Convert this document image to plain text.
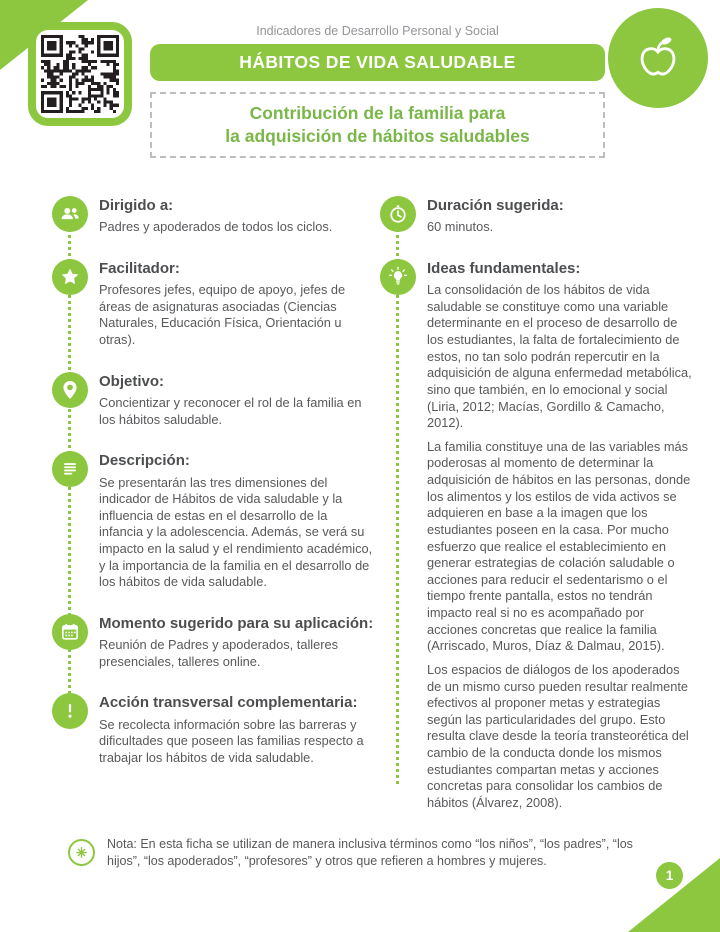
Indicadores de Desarrollo Personal y Social
HÁBITOS DE VIDA SALUDABLE
Contribución de la familia para
la adquisición de hábitos saludables
Dirigido a:
Padres y apoderados de todos los ciclos.
Facilitador:
Profesores jefes, equipo de apoyo, jefes de áreas de asignaturas asociadas (Ciencias Naturales, Educación Física, Orientación u otras).
Objetivo:
Concientizar y reconocer el rol de la familia en los hábitos saludable.
Descripción:
Se presentarán las tres dimensiones del indicador de Hábitos de vida saludable y la influencia de estas en el desarrollo de la infancia y la adolescencia. Además, se verá su impacto en la salud y el rendimiento académico, y la importancia de la familia en el desarrollo de los hábitos de vida saludable.
Momento sugerido para su aplicación:
Reunión de Padres y apoderados, talleres presenciales, talleres online.
Acción transversal complementaria:
Se recolecta información sobre las barreras y dificultades que poseen las familias respecto a trabajar los hábitos de vida saludable.
Duración sugerida:
60 minutos.
Ideas fundamentales:
La consolidación de los hábitos de vida saludable se constituye como una variable determinante en el proceso de desarrollo de los estudiantes, la falta de fortalecimiento de estos, no tan solo podrán repercutir en la adquisición de alguna enfermedad metabólica, sino que también, en lo emocional y social (Liria, 2012; Macías, Gordillo & Camacho, 2012).
La familia constituye una de las variables más poderosas al momento de determinar la adquisición de hábitos en las personas, donde los alimentos y los estilos de vida activos se adquieren en base a la imagen que los estudiantes poseen en la casa. Por mucho esfuerzo que realice el establecimiento en generar estrategias de colación saludable o acciones para reducir el sedentarismo o el tiempo frente pantalla, estos no tendrán impacto real si no es acompañado por acciones concretas que realice la familia (Arriscado, Muros, Díaz & Dalmau, 2015).
Los espacios de diálogos de los apoderados de un mismo curso pueden resultar realmente efectivos al proponer metas y estrategias según las particularidades del grupo. Esto resulta clave desde la teoría transteorética del cambio de la conducta donde los mismos estudiantes compartan metas y acciones concretas para consolidar los cambios de hábitos (Álvarez, 2008).
Nota: En esta ficha se utilizan de manera inclusiva términos como “los niños”, “los padres”, “los hijos”, “los apoderados”, “profesores” y otros que refieren a hombres y mujeres.
1
